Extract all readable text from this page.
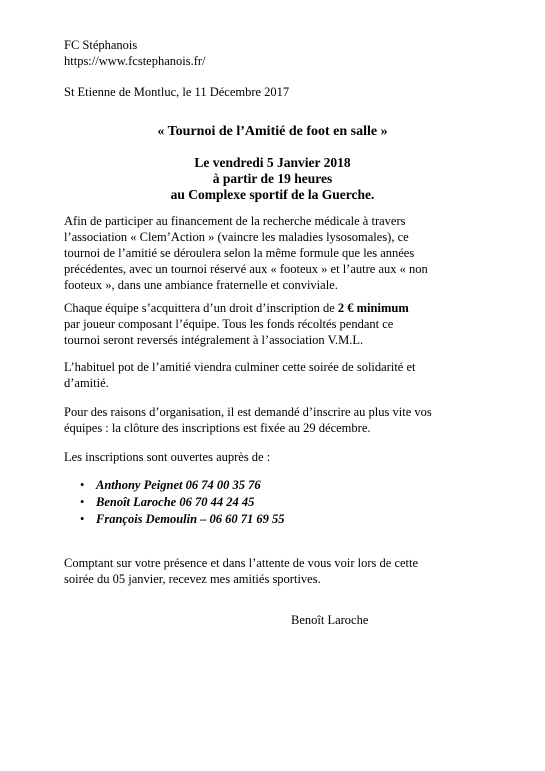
FC Stéphanois
https://www.fcstephanois.fr/
St Etienne de Montluc, le 11 Décembre 2017
« Tournoi de l’Amitié de foot en salle »
Le vendredi 5 Janvier 2018
à partir de 19 heures
au Complexe sportif de la Guerche.
Afin de participer au financement de la recherche médicale à travers
l’association « Clem’Action » (vaincre les maladies lysosomales), ce
tournoi de l’amitié se déroulera selon la même formule que les années
précédentes, avec un tournoi réservé aux « footeux » et l’autre aux « non
footeux », dans une ambiance fraternelle et conviviale.
Chaque équipe s’acquittera d’un droit d’inscription de 2 € minimum
par joueur composant l’équipe. Tous les fonds récoltés pendant ce
tournoi seront reversés intégralement à l’association V.M.L.
L’habituel pot de l’amitié viendra culminer cette soirée de solidarité et
d’amitié.
Pour des raisons d’organisation, il est demandé d’inscrire au plus vite vos
équipes : la clôture des inscriptions est fixée au 29 décembre.
Les inscriptions sont ouvertes auprès de :
• Anthony Peignet 06 74 00 35 76
• Benoît Laroche 06 70 44 24 45
• François Demoulin – 06 60 71 69 55
Comptant sur votre présence et dans l’attente de vous voir lors de cette
soirée du 05 janvier, recevez mes amitiés sportives.
Benoît Laroche
